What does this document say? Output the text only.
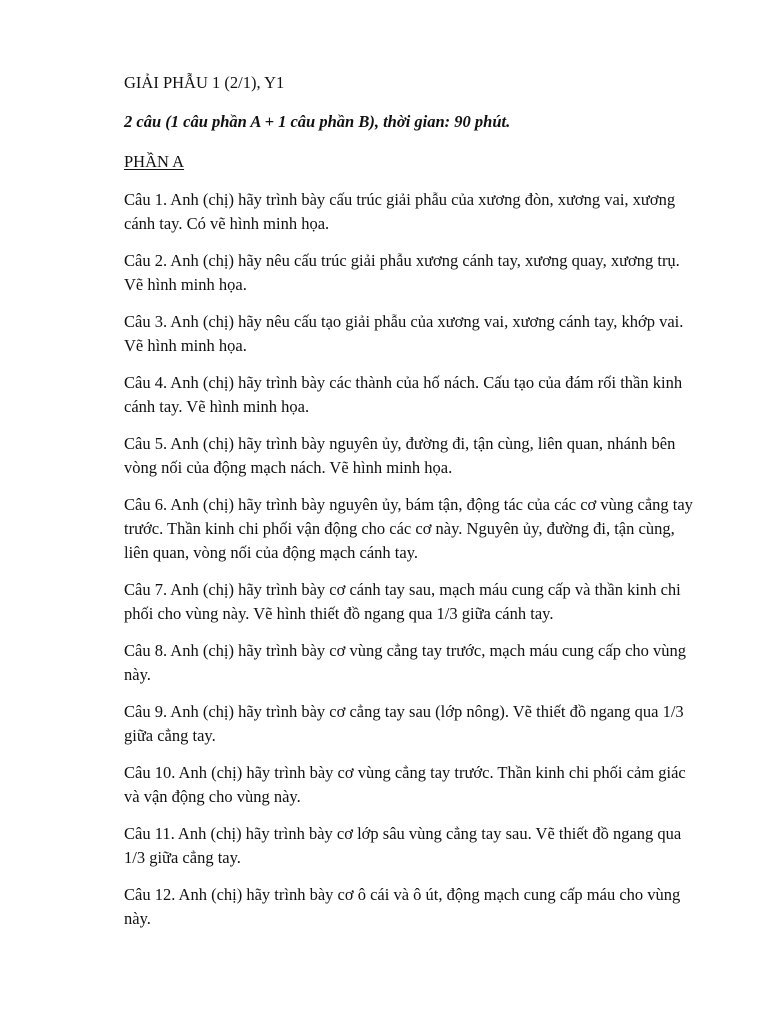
GIẢI PHẪU 1 (2/1), Y1

2 câu (1 câu phần A + 1 câu phần B), thời gian: 90 phút.

PHẦN A

Câu 1. Anh (chị) hãy trình bày cấu trúc giải phẫu của xương đòn, xương vai, xương cánh tay. Có vẽ hình minh họa.
Câu 2. Anh (chị) hãy nêu cấu trúc giải phẫu xương cánh tay, xương quay, xương trụ. Vẽ hình minh họa.
Câu 3. Anh (chị) hãy nêu cấu tạo giải phẫu của xương vai, xương cánh tay, khớp vai. Vẽ hình minh họa.
Câu 4. Anh (chị) hãy trình bày các thành của hố nách. Cấu tạo của đám rối thần kinh cánh tay. Vẽ hình minh họa.
Câu 5. Anh (chị) hãy trình bày nguyên ủy, đường đi, tận cùng, liên quan, nhánh bên vòng nối của động mạch nách. Vẽ hình minh họa.
Câu 6. Anh (chị) hãy trình bày nguyên ủy, bám tận, động tác của các cơ vùng cẳng tay trước. Thần kinh chi phối vận động cho các cơ này. Nguyên ủy, đường đi, tận cùng, liên quan, vòng nối của động mạch cánh tay.
Câu 7. Anh (chị) hãy trình bày cơ cánh tay sau, mạch máu cung cấp và thần kinh chi phối cho vùng này. Vẽ hình thiết đồ ngang qua 1/3 giữa cánh tay.
Câu 8. Anh (chị) hãy trình bày cơ vùng cẳng tay trước, mạch máu cung cấp cho vùng này.
Câu 9. Anh (chị) hãy trình bày cơ cẳng tay sau (lớp nông). Vẽ thiết đồ ngang qua 1/3 giữa cẳng tay.
Câu 10. Anh (chị) hãy trình bày cơ vùng cẳng tay trước. Thần kinh chi phối cảm giác và vận động cho vùng này.
Câu 11. Anh (chị) hãy trình bày cơ lớp sâu vùng cẳng tay sau. Vẽ thiết đồ ngang qua 1/3 giữa cẳng tay.
Câu 12. Anh (chị) hãy trình bày cơ ô cái và ô út, động mạch cung cấp máu cho vùng này.
